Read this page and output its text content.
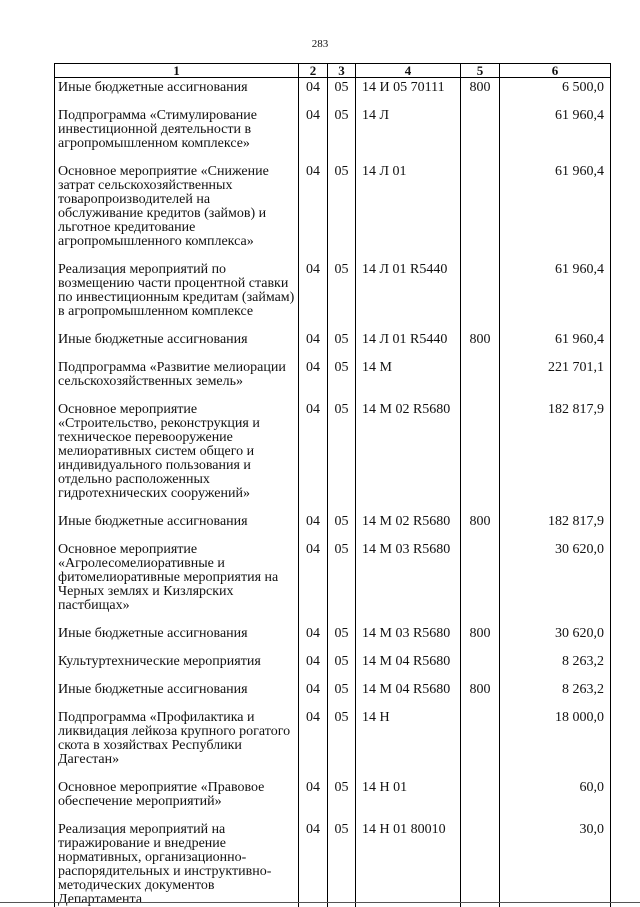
283
1	2	3	4	5	6
Иные бюджетные ассигнования	04	05	14 И 05 70111	800	6 500,0
Подпрограмма «Стимулирование инвестиционной деятельности в агропромышленном комплексе»	04	05	14 Л		61 960,4
Основное мероприятие «Снижение затрат сельскохозяйственных товаропроизводителей на обслуживание кредитов (займов) и льготное кредитование агропромышленного комплекса»	04	05	14 Л 01		61 960,4
Реализация мероприятий по возмещению части процентной ставки по инвестиционным кредитам (займам) в агропромышленном комплексе	04	05	14 Л 01 R5440		61 960,4
Иные бюджетные ассигнования	04	05	14 Л 01 R5440	800	61 960,4
Подпрограмма «Развитие мелиорации сельскохозяйственных земель»	04	05	14 М		221 701,1
Основное мероприятие «Строительство, реконструкция и техническое перевооружение мелиоративных систем общего и индивидуального пользования и отдельно расположенных гидротехнических сооружений»	04	05	14 М 02 R5680		182 817,9
Иные бюджетные ассигнования	04	05	14 М 02 R5680	800	182 817,9
Основное мероприятие «Агролесомелиоративные и фитомелиоративные мероприятия на Черных землях и Кизлярских пастбищах»	04	05	14 М 03 R5680		30 620,0
Иные бюджетные ассигнования	04	05	14 М 03 R5680	800	30 620,0
Культуртехнические мероприятия	04	05	14 М 04 R5680		8 263,2
Иные бюджетные ассигнования	04	05	14 М 04 R5680	800	8 263,2
Подпрограмма «Профилактика и ликвидация лейкоза крупного рогатого скота в хозяйствах Республики Дагестан»	04	05	14 Н		18 000,0
Основное мероприятие «Правовое обеспечение мероприятий»	04	05	14 Н 01		60,0
Реализация мероприятий на тиражирование и внедрение нормативных, организационно-распорядительных и инструктивно-методических документов Департамента	04	05	14 Н 01 80010		30,0
